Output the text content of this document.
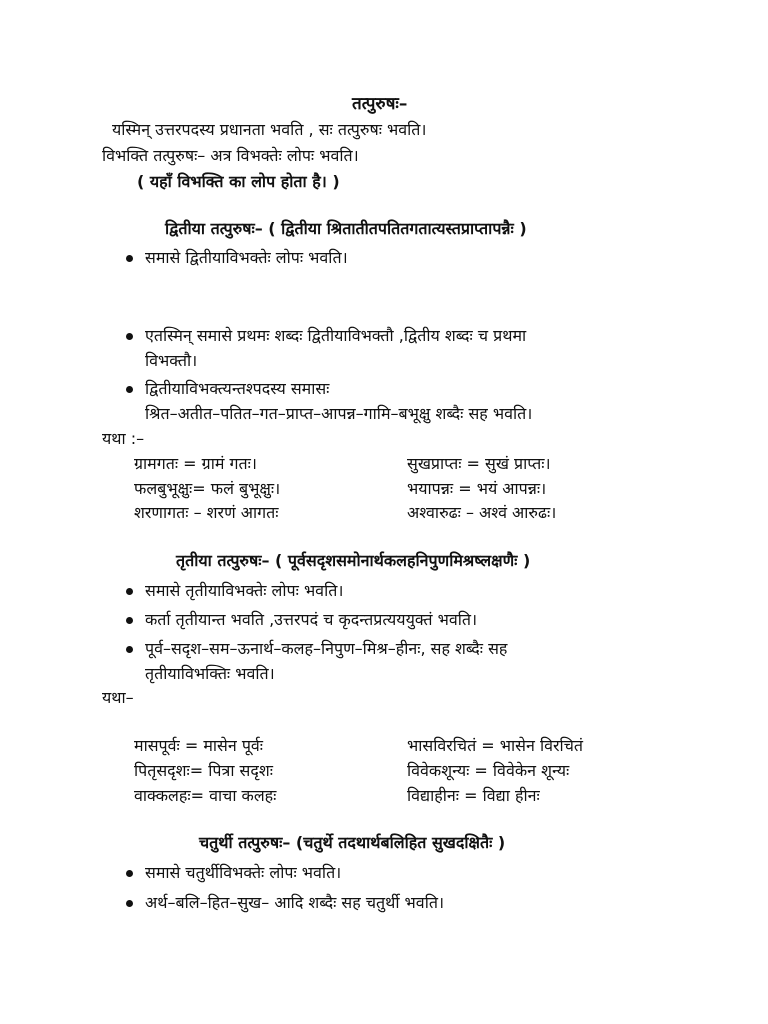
तत्पुरुषः–
यस्मिन् उत्तरपदस्य प्रधानता भवति , सः तत्पुरुषः भवति।
विभक्ति तत्पुरुषः– अत्र विभक्तेः लोपः भवति।
( यहाँ विभक्ति का लोप होता है। )
द्वितीया तत्पुरुषः– ( द्वितीया श्रितातीतपतितगतात्यस्तप्राप्तापन्नैः )
समासे द्वितीयाविभक्तेः लोपः भवति।
एतस्मिन् समासे प्रथमः शब्दः द्वितीयाविभक्तौ ,द्वितीय शब्दः च प्रथमा
विभक्तौ।
द्वितीयाविभक्त्यन्तश्पदस्य समासः
श्रित–अतीत–पतित–गत–प्राप्त–आपन्न–गामि–बभूक्षु शब्दैः सह भवति।
यथा :–
ग्रामगतः = ग्रामं गतः।	सुखप्राप्तः = सुखं प्राप्तः।
फलबुभूक्षुः= फलं बुभूक्षुः।	भयापन्नः = भयं आपन्नः।
शरणागतः – शरणं आगतः	अश्वारुढः – अश्वं आरुढः।
तृतीया तत्पुरुषः– ( पूर्वसदृशसमोनार्थकलहनिपुणमिश्रष्लक्षणैः )
समासे तृतीयाविभक्तेः लोपः भवति।
कर्ता तृतीयान्त भवति ,उत्तरपदं च कृदन्तप्रत्यययुक्तं भवति।
पूर्व–सदृश–सम–ऊनार्थ–कलह–निपुण–मिश्र–हीनः, सह शब्दैः सह
तृतीयाविभक्तिः भवति।
यथा–
मासपूर्वः = मासेन पूर्वः	भासविरचितं = भासेन विरचितं
पितृसदृशः= पित्रा सदृशः	विवेकशून्यः = विवेकेन शून्यः
वाक्कलहः= वाचा कलहः	विद्याहीनः = विद्या हीनः
चतुर्थी तत्पुरुषः– (चतुर्थे तदथार्थबलिहित सुखदक्षितैः )
समासे चतुर्थीविभक्तेः लोपः भवति।
अर्थ–बलि–हित–सुख– आदि शब्दैः सह चतुर्थी भवति।
